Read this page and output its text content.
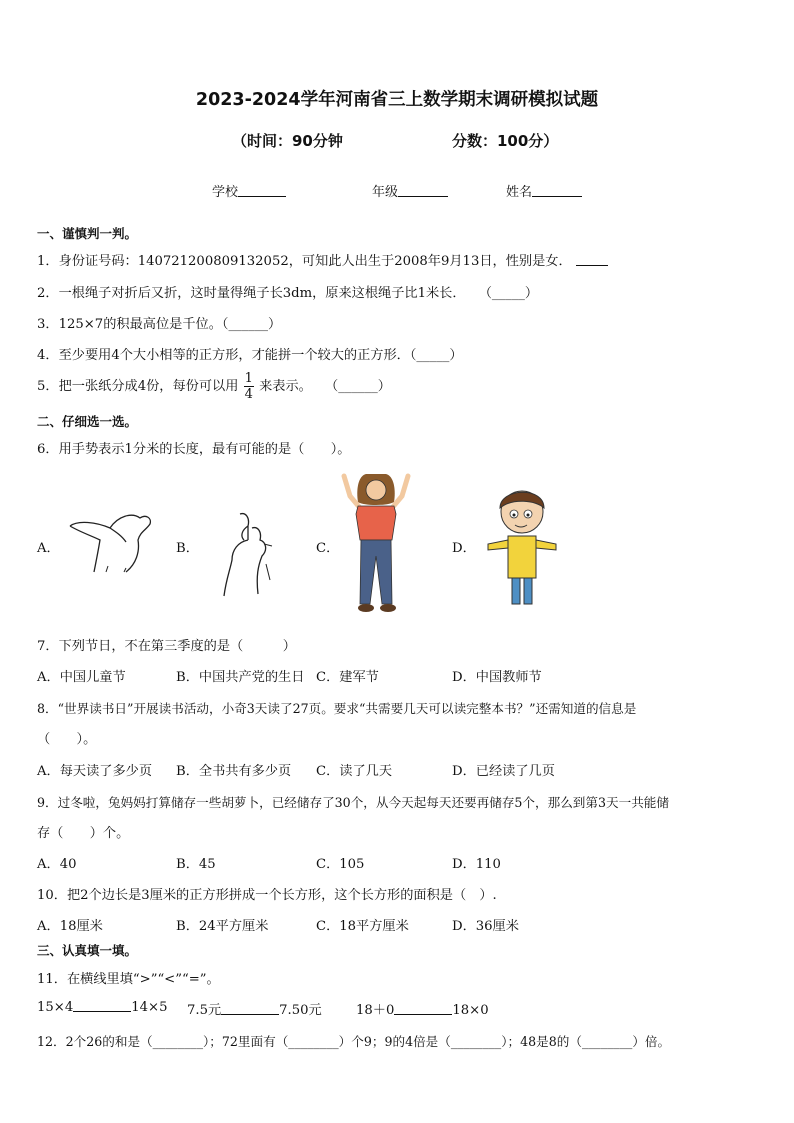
2023-2024学年河南省三上数学期末调研模拟试题
（时间：90分钟	分数：100分）
学校	年级	姓名
一、谨慎判一判。
1．身份证号码：140721200809132052，可知此人出生于2008年9月13日，性别是女．
2．一根绳子对折后又折，这时量得绳子长3dm，原来这根绳子比1米长．　　（_____）
3．125×7的积最高位是千位。（______）
4．至少要用4个大小相等的正方形，才能拼一个较大的正方形．（_____）
5．把一张纸分成4份，每份可以用 $\frac{1}{4}$ 来表示。　　（______）
二、仔细选一选。
6．用手势表示1分米的长度，最有可能的是（　　）。
A．	B．	C．	D．
7．下列节日，不在第三季度的是（　　　）
A．中国儿童节	B．中国共产党的生日 C．建军节	D．中国教师节
8．“世界读书日”开展读书活动，小奇3天读了27页。要求“共需要几天可以读完整本书？”还需知道的信息是
（　　）。
A．每天读了多少页 B．全书共有多少页 C．读了几天	D．已经读了几页
9．过冬啦，兔妈妈打算储存一些胡萝卜，已经储存了30个，从今天起每天还要再储存5个，那么到第3天一共能储
存（　　）个。
A．40	B．45	C．105	D．110
10．把2个边长是3厘米的正方形拼成一个长方形，这个长方形的面积是（　）.
A．18厘米	B．24平方厘米	C．18平方厘米	D．36厘米
三、认真填一填。
11．在横线里填“>”“<”“=”。
15×4	14×5 7.5元	7.50元	18＋0	18×0
12．2个26的和是（________）；72里面有（________）个9；9的4倍是（________）；48是8的（________）倍。
